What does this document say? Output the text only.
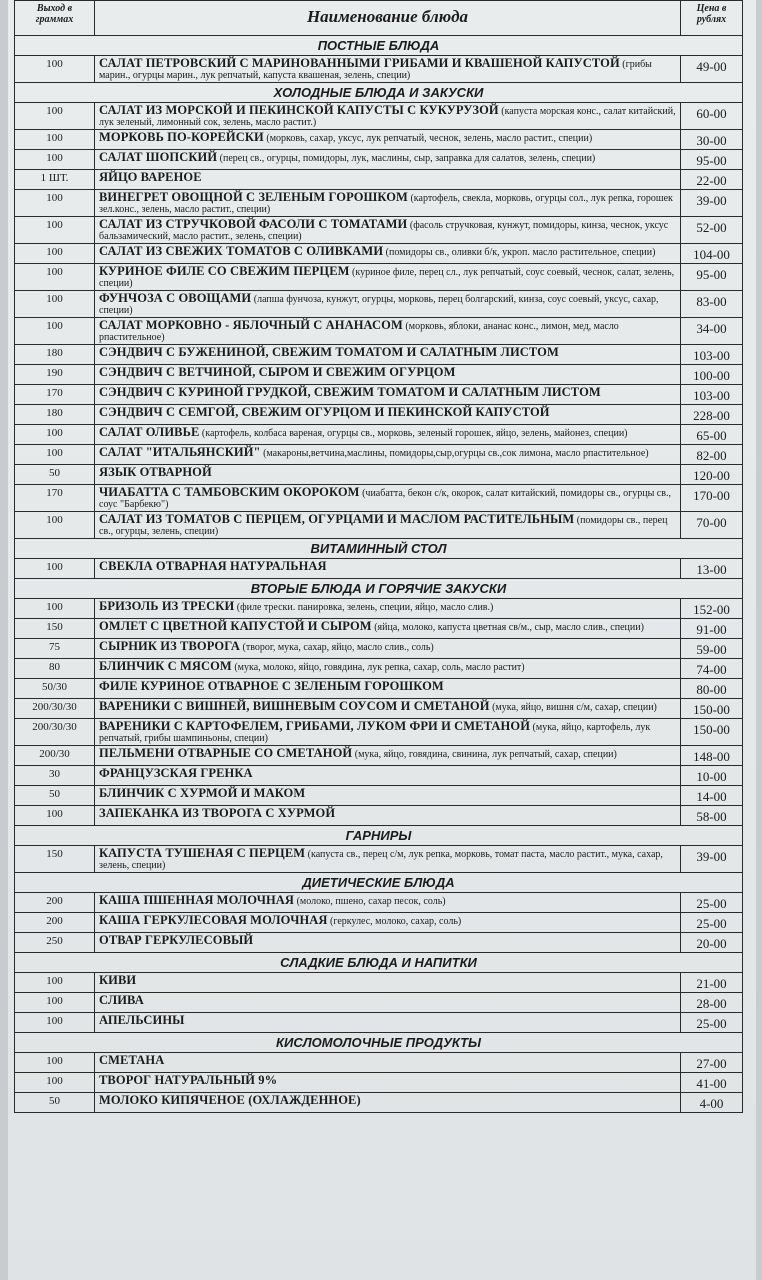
Выход в граммах	Наименование блюда	Цена в рублях
ПОСТНЫЕ БЛЮДА		
100	САЛАТ ПЕТРОВСКИЙ С МАРИНОВАННЫМИ ГРИБАМИ И КВАШЕНОЙ КАПУСТОЙ (грибы марин., огурцы марин., лук репчатый, капуста квашеная, зелень, специи)	49-00
ХОЛОДНЫЕ БЛЮДА И ЗАКУСКИ		
100	САЛАТ ИЗ МОРСКОЙ И ПЕКИНСКОЙ КАПУСТЫ С КУКУРУЗОЙ (капуста морская конс., салат китайский, лук зеленый, лимонный сок, зелень, масло растит.)	60-00
100	МОРКОВЬ ПО-КОРЕЙСКИ (морковь, сахар, уксус, лук репчатый, чеснок, зелень, масло растит., специи)	30-00
100	САЛАТ ШОПСКИЙ (перец св., огурцы, помидоры, лук, маслины, сыр, заправка для салатов, зелень, специи)	95-00
1 ШТ.	ЯЙЦО ВАРЕНОЕ	22-00
100	ВИНЕГРЕТ ОВОЩНОЙ С ЗЕЛЕНЫМ ГОРОШКОМ (картофель, свекла, морковь, огурцы сол., лук репка, горошек зел.конс., зелень, масло растит., специи)	39-00
100	САЛАТ ИЗ СТРУЧКОВОЙ ФАСОЛИ С ТОМАТАМИ (фасоль стручковая, кунжут, помидоры, кинза, чеснок, уксус бальзамический, масло растит., зелень, специи)	52-00
100	САЛАТ ИЗ СВЕЖИХ ТОМАТОВ С ОЛИВКАМИ (помидоры св., оливки б/к, укроп. масло растительное, специи)	104-00
100	КУРИНОЕ ФИЛЕ СО СВЕЖИМ ПЕРЦЕМ (куриное филе, перец сл., лук репчатый, соус соевый, чеснок, салат, зелень, специи)	95-00
100	ФУНЧОЗА С ОВОЩАМИ (лапша фунчоза, кунжут, огурцы, морковь, перец болгарский, кинза, соус соевый, уксус, сахар, специи)	83-00
100	САЛАТ МОРКОВНО - ЯБЛОЧНЫЙ С АНАНАСОМ (морковь, яблоки, ананас конс., лимон, мед, масло рпастительное)	34-00
180	СЭНДВИЧ С БУЖЕНИНОЙ, СВЕЖИМ ТОМАТОМ И САЛАТНЫМ ЛИСТОМ	103-00
190	СЭНДВИЧ С ВЕТЧИНОЙ, СЫРОМ И СВЕЖИМ ОГУРЦОМ	100-00
170	СЭНДВИЧ С КУРИНОЙ ГРУДКОЙ, СВЕЖИМ ТОМАТОМ И САЛАТНЫМ ЛИСТОМ	103-00
180	СЭНДВИЧ С СЕМГОЙ, СВЕЖИМ ОГУРЦОМ И ПЕКИНСКОЙ КАПУСТОЙ	228-00
100	САЛАТ ОЛИВЬЕ (картофель, колбаса вареная, огурцы св., морковь, зеленый горошек, яйцо, зелень, майонез, специи)	65-00
100	САЛАТ "ИТАЛЬЯНСКИЙ" (макароны,ветчина,маслины, помидоры,сыр,огурцы св.,сок лимона, масло рпастительное)	82-00
50	ЯЗЫК ОТВАРНОЙ	120-00
170	ЧИАБАТТА С ТАМБОВСКИМ ОКОРОКОМ (чиабатта, бекон с/к, окорок, салат китайский, помидоры св., огурцы св., соус "Барбекю")	170-00
100	САЛАТ ИЗ ТОМАТОВ С ПЕРЦЕМ, ОГУРЦАМИ И МАСЛОМ РАСТИТЕЛЬНЫМ (помидоры св., перец св., огурцы, зелень, специи)	70-00
ВИТАМИННЫЙ СТОЛ		
100	СВЕКЛА ОТВАРНАЯ НАТУРАЛЬНАЯ	13-00
ВТОРЫЕ БЛЮДА И ГОРЯЧИЕ ЗАКУСКИ		
100	БРИЗОЛЬ ИЗ ТРЕСКИ (филе трески. панировка, зелень, специи, яйцо, масло слив.)	152-00
150	ОМЛЕТ С ЦВЕТНОЙ КАПУСТОЙ И СЫРОМ (яйца, молоко, капуста цветная св/м., сыр, масло слив., специи)	91-00
75	СЫРНИК ИЗ ТВОРОГА (творог, мука, сахар, яйцо, масло слив., соль)	59-00
80	БЛИНЧИК С МЯСОМ (мука, молоко, яйцо, говядина, лук репка, сахар, соль, масло растит)	74-00
50/30	ФИЛЕ КУРИНОЕ ОТВАРНОЕ С ЗЕЛЕНЫМ ГОРОШКОМ	80-00
200/30/30	ВАРЕНИКИ С ВИШНЕЙ, ВИШНЕВЫМ СОУСОМ И СМЕТАНОЙ (мука, яйцо, вишня с/м, сахар, специи)	150-00
200/30/30	ВАРЕНИКИ С КАРТОФЕЛЕМ, ГРИБАМИ, ЛУКОМ ФРИ И СМЕТАНОЙ (мука, яйцо, картофель, лук репчатый, грибы шампиньоны, специи)	150-00
200/30	ПЕЛЬМЕНИ ОТВАРНЫЕ СО СМЕТАНОЙ (мука, яйцо, говядина, свинина, лук репчатый, сахар, специи)	148-00
30	ФРАНЦУЗСКАЯ ГРЕНКА	10-00
50	БЛИНЧИК С ХУРМОЙ И МАКОМ	14-00
100	ЗАПЕКАНКА ИЗ ТВОРОГА С ХУРМОЙ	58-00
ГАРНИРЫ		
150	КАПУСТА ТУШЕНАЯ С ПЕРЦЕМ (капуста св., перец с/м, лук репка, морковь, томат паста, масло растит., мука, сахар, зелень, специи)	39-00
ДИЕТИЧЕСКИЕ БЛЮДА		
200	КАША ПШЕННАЯ МОЛОЧНАЯ (молоко, пшено, сахар песок, соль)	25-00
200	КАША ГЕРКУЛЕСОВАЯ МОЛОЧНАЯ (геркулес, молоко, сахар, соль)	25-00
250	ОТВАР ГЕРКУЛЕСОВЫЙ	20-00
СЛАДКИЕ БЛЮДА И НАПИТКИ		
100	КИВИ	21-00
100	СЛИВА	28-00
100	АПЕЛЬСИНЫ	25-00
КИСЛОМОЛОЧНЫЕ ПРОДУКТЫ		
100	СМЕТАНА	27-00
100	ТВОРОГ НАТУРАЛЬНЫЙ 9%	41-00
50	МОЛОКО КИПЯЧЕНОЕ (ОХЛАЖДЕННОЕ)	4-00
